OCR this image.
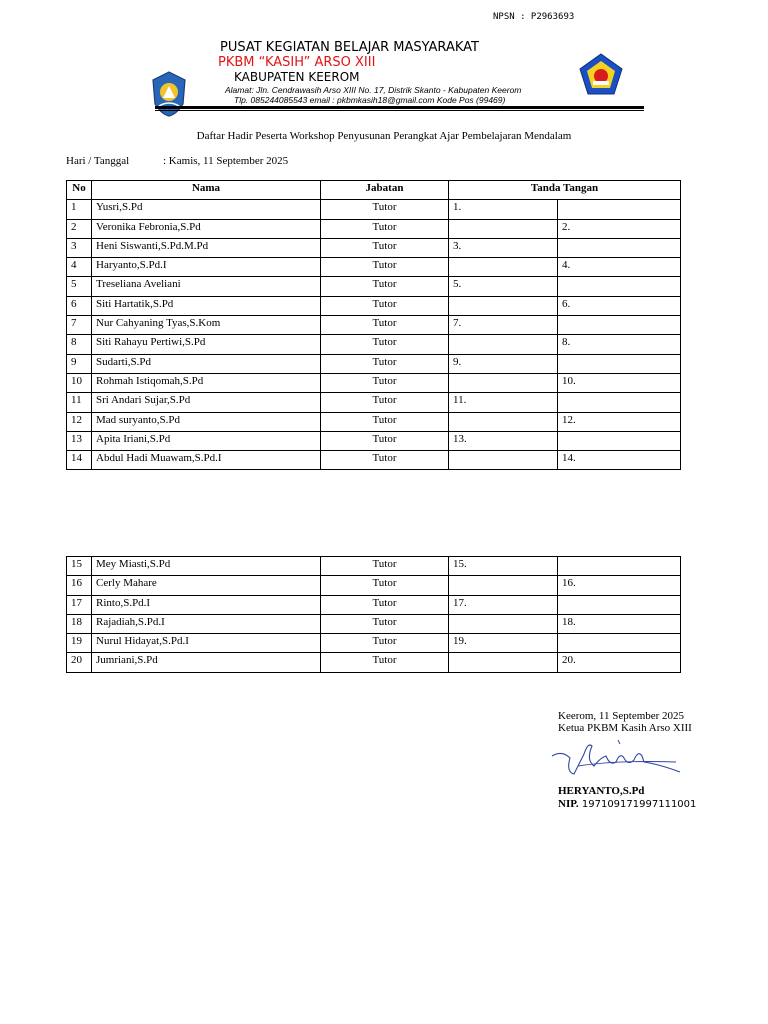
NPSN : P2963693
PUSAT KEGIATAN BELAJAR MASYARAKAT
PKBM “KASIH” ARSO XIII
KABUPATEN KEEROM
Alamat: Jln. Cendrawasih Arso XIII No. 17, Distrik Skanto - Kabupaten Keerom
Tlp. 085244085543 email : pkbmkasih18@gmail.com Kode Pos (99469)
Daftar Hadir Peserta Workshop Penyusunan Perangkat Ajar Pembelajaran Mendalam
Hari / Tanggal	: Kamis, 11 September 2025
No	Nama	Jabatan	Tanda Tangan	
1	Yusri,S.Pd	Tutor	1.	
2	Veronika Febronia,S.Pd	Tutor		2.
3	Heni Siswanti,S.Pd.M.Pd	Tutor	3.	
4	Haryanto,S.Pd.I	Tutor		4.
5	Treseliana Aveliani	Tutor	5.	
6	Siti Hartatik,S.Pd	Tutor		6.
7	Nur Cahyaning Tyas,S.Kom	Tutor	7.	
8	Siti Rahayu Pertiwi,S.Pd	Tutor		8.
9	Sudarti,S.Pd	Tutor	9.	
10	Rohmah Istiqomah,S.Pd	Tutor		10.
11	Sri Andari Sujar,S.Pd	Tutor	11.	
12	Mad suryanto,S.Pd	Tutor		12.
13	Apita Iriani,S.Pd	Tutor	13.	
14	Abdul Hadi Muawam,S.Pd.I	Tutor		14.
15	Mey Miasti,S.Pd	Tutor	15.	
16	Cerly Mahare	Tutor		16.
17	Rinto,S.Pd.I	Tutor	17.	
18	Rajadiah,S.Pd.I	Tutor		18.
19	Nurul Hidayat,S.Pd.I	Tutor	19.	
20	Jumriani,S.Pd	Tutor		20.
Keerom, 11 September 2025
Ketua PKBM Kasih Arso XIII
HERYANTO,S.Pd
NIP. 197109171997111001
